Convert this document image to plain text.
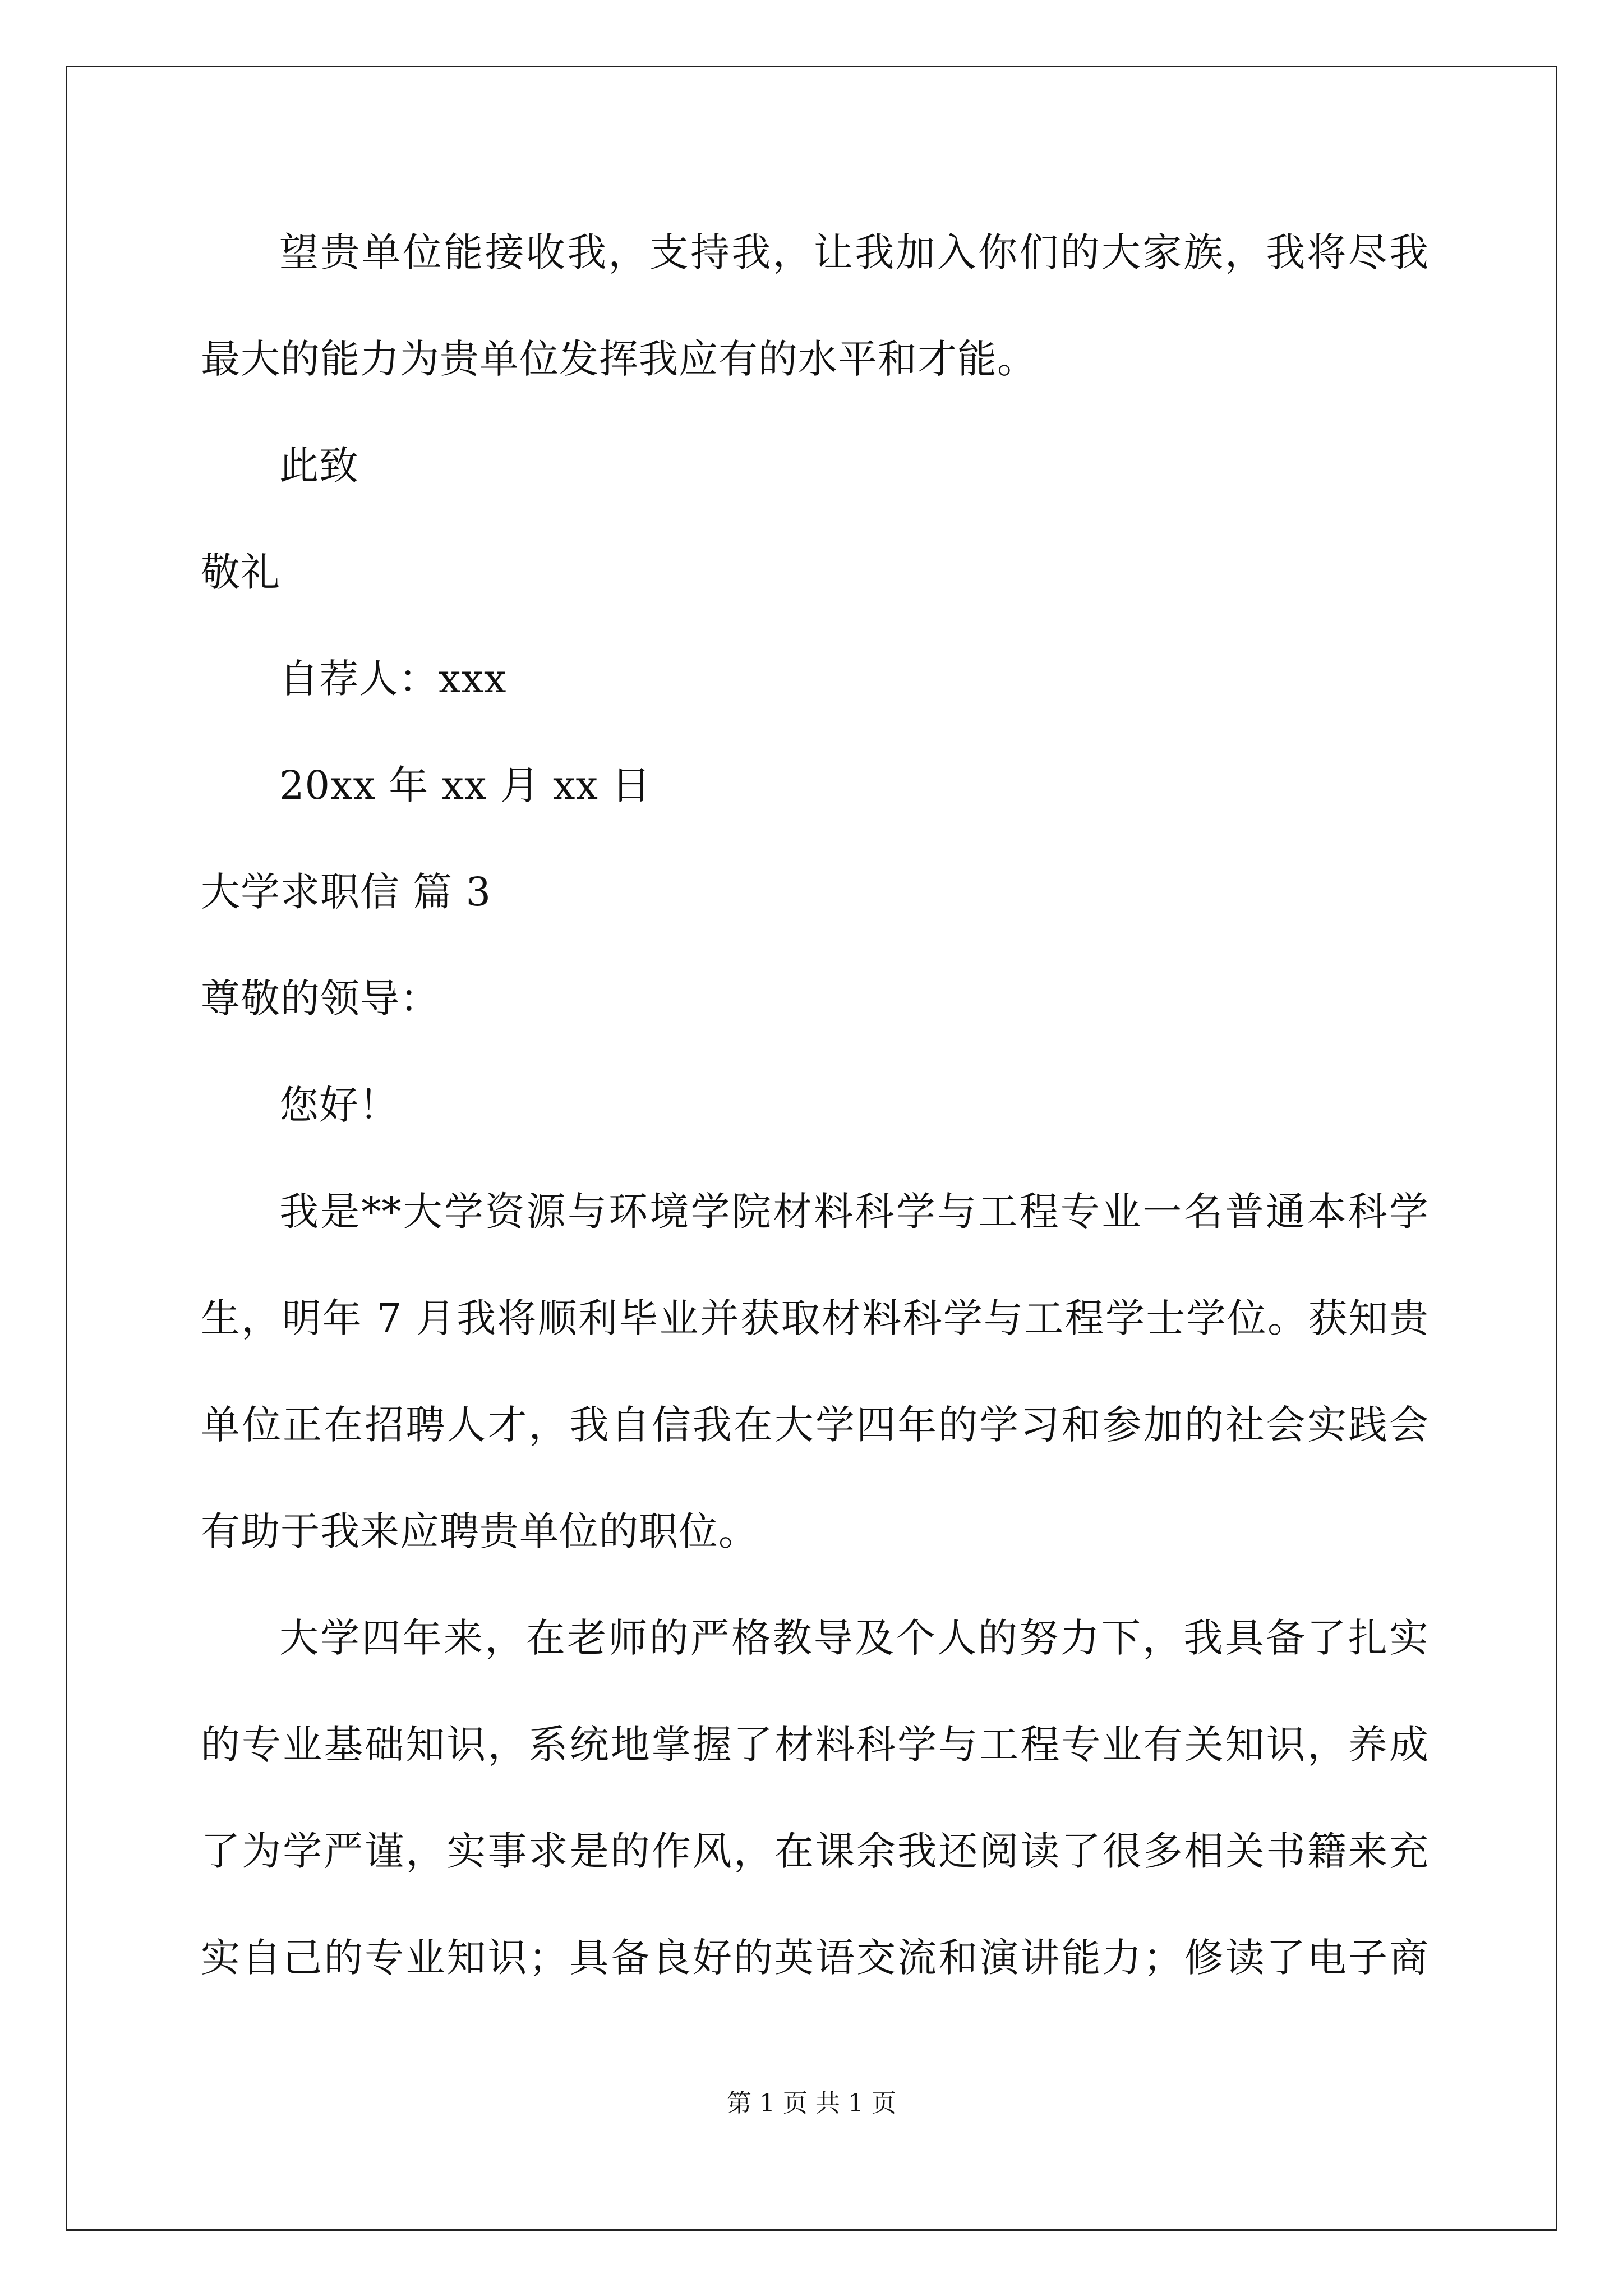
望贵单位能接收我，支持我，让我加入你们的大家族，我将尽我
最大的能力为贵单位发挥我应有的水平和才能。
此致
敬礼
自荐人：xxx
20xx 年 xx 月 xx 日
大学求职信 篇 3
尊敬的领导：
您好！
我是**大学资源与环境学院材料科学与工程专业一名普通本科学
生，明年 7 月我将顺利毕业并获取材料科学与工程学士学位。获知贵
单位正在招聘人才，我自信我在大学四年的学习和参加的社会实践会
有助于我来应聘贵单位的职位。
大学四年来，在老师的严格教导及个人的努力下，我具备了扎实
的专业基础知识，系统地掌握了材料科学与工程专业有关知识，养成
了为学严谨，实事求是的作风，在课余我还阅读了很多相关书籍来充
实自己的专业知识；具备良好的英语交流和演讲能力；修读了电子商
第 1 页 共 1 页
